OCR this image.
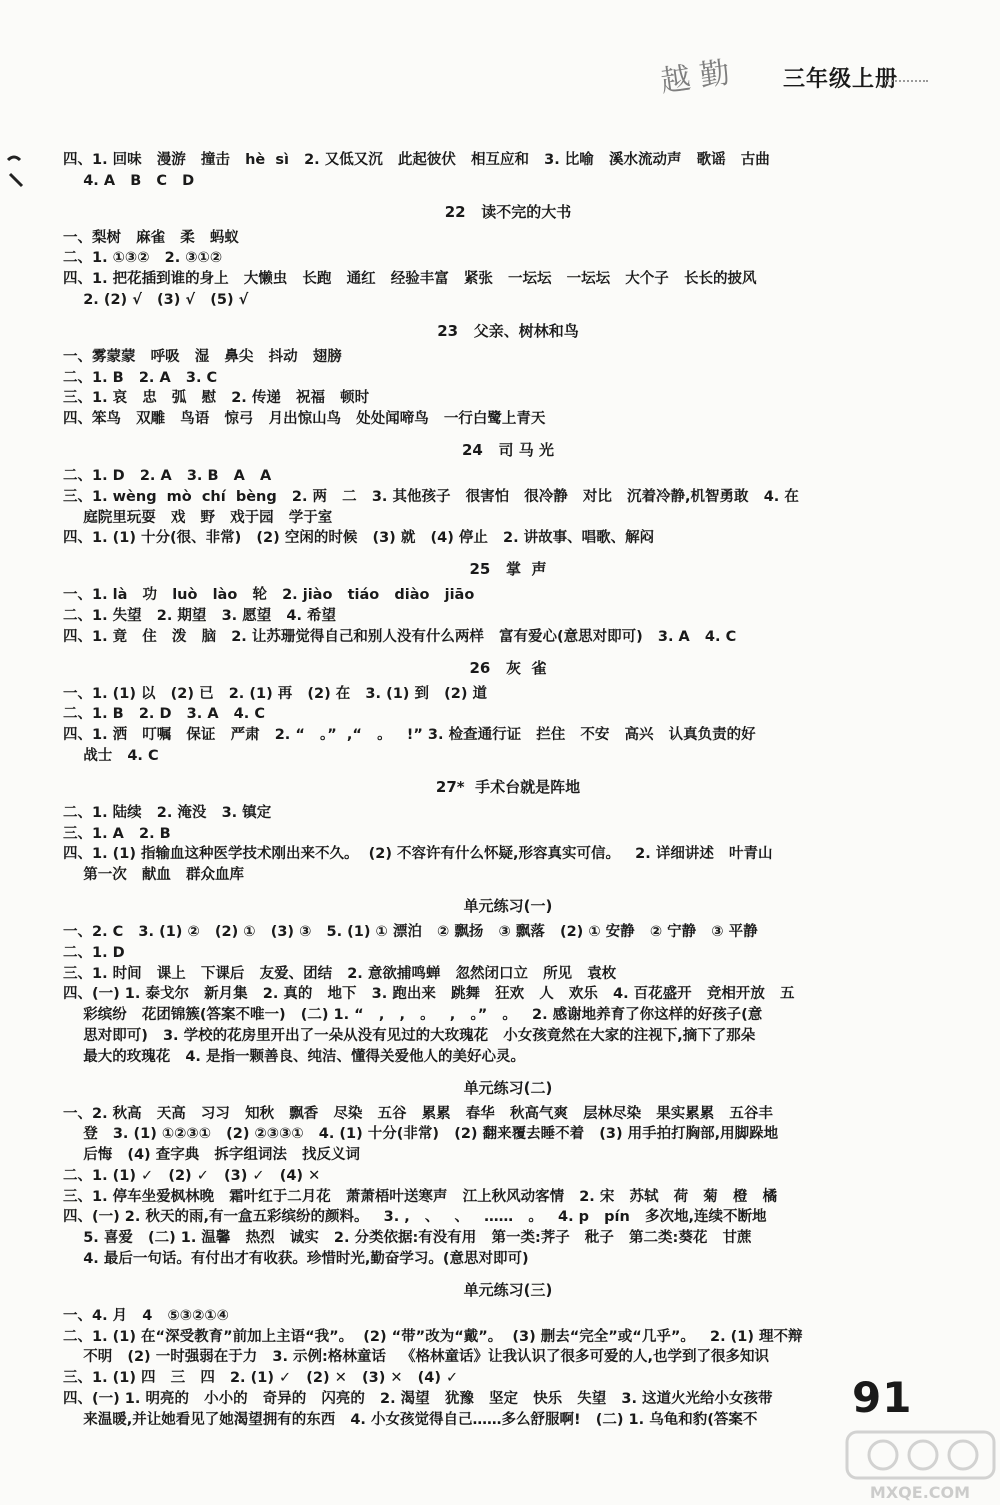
越 勤 三年级上册
四、1. 回味   漫游   撞击   hè  sì   2. 又低又沉   此起彼伏   相互应和   3. 比喻   溪水流动声   歌谣   古曲
4. A   B   C   D
22   读不完的大书
一、梨树   麻雀   柔   蚂蚁
二、1. ①③②   2. ③①②
四、1. 把花插到谁的身上   大懒虫   长跑   通红   经验丰富   紧张   一坛坛   一坛坛   大个子   长长的披风
2. (2) √   (3) √   (5) √
23   父亲、树林和鸟
一、雾蒙蒙   呼吸   湿   鼻尖   抖动   翅膀
二、1. B   2. A   3. C
三、1. 哀   忠   弧   慰   2. 传递   祝福   顿时
四、笨鸟   双雕   鸟语   惊弓   月出惊山鸟   处处闻啼鸟   一行白鹭上青天
24   司 马 光
二、1. D   2. A   3. B   A   A
三、1. wèng  mò  chí  bèng   2. 两   二   3. 其他孩子   很害怕   很冷静   对比   沉着冷静,机智勇敢   4. 在
庭院里玩耍   戏   野   戏于园   学于室
四、1. (1) 十分(很、非常)   (2) 空闲的时候   (3) 就   (4) 停止   2. 讲故事、唱歌、解闷
25   掌  声
一、1. là   功   luò   lào   轮   2. jiào   tiáo   diào   jiāo
二、1. 失望   2. 期望   3. 愿望   4. 希望
四、1. 竟   住   泼   脑   2. 让苏珊觉得自己和别人没有什么两样   富有爱心(意思对即可)   3. A   4. C
26   灰  雀
一、1. (1) 以   (2) 已   2. (1) 再   (2) 在   3. (1) 到   (2) 道
二、1. B   2. D   3. A   4. C
四、1. 洒   叮嘱   保证   严肃   2. “   。”  ,“   。   !” 3. 检查通行证   拦住   不安   高兴   认真负责的好
战士   4. C
27*  手术台就是阵地
二、1. 陆续   2. 淹没   3. 镇定
三、1. A   2. B
四、1. (1) 指输血这种医学技术刚出来不久。  (2) 不容许有什么怀疑,形容真实可信。   2. 详细讲述   叶青山
第一次   献血   群众血库
单元练习(一)
一、2. C   3. (1) ②   (2) ①   (3) ③   5. (1) ① 漂泊   ② 飘扬   ③ 飘落   (2) ① 安静   ② 宁静   ③ 平静
二、1. D
三、1. 时间   课上   下课后   友爱、团结   2. 意欲捕鸣蝉   忽然闭口立   所见   袁枚
四、(一) 1. 泰戈尔   新月集   2. 真的   地下   3. 跑出来   跳舞   狂欢   人   欢乐   4. 百花盛开   竞相开放   五
彩缤纷   花团锦簇(答案不唯一)   (二) 1. “   ,   ,   。   ,   。”   。   2. 感谢地养育了你这样的好孩子(意
思对即可)   3. 学校的花房里开出了一朵从没有见过的大玫瑰花   小女孩竟然在大家的注视下,摘下了那朵
最大的玫瑰花   4. 是指一颗善良、纯洁、懂得关爱他人的美好心灵。
单元练习(二)
一、2. 秋高   天高   习习   知秋   飘香   尽染   五谷   累累   春华   秋高气爽   层林尽染   果实累累   五谷丰
登   3. (1) ①②③①   (2) ②③③①   4. (1) 十分(非常)   (2) 翻来覆去睡不着   (3) 用手拍打胸部,用脚跺地
后悔   (4) 查字典   拆字组词法   找反义词
二、1. (1) ✓   (2) ✓   (3) ✓   (4) ✕
三、1. 停车坐爱枫林晚   霜叶红于二月花   萧萧梧叶送寒声   江上秋风动客情   2. 宋   苏轼   荷   菊   橙   橘
四、(一) 2. 秋天的雨,有一盒五彩缤纷的颜料。   3. ,   、   、   ……   。   4. p   pín   多次地,连续不断地
5. 喜爱   (二) 1. 温馨   热烈   诚实   2. 分类依据:有没有用   第一类:荠子   秕子   第二类:葵花   甘蔗
4. 最后一句话。有付出才有收获。珍惜时光,勤奋学习。(意思对即可)
单元练习(三)
一、4. 月   4   ⑤③②①④
二、1. (1) 在“深受教育”前加上主语“我”。  (2) “带”改为“戴”。  (3) 删去“完全”或“几乎”。   2. (1) 理不辩
不明   (2) 一时强弱在于力   3. 示例:格林童话   《格林童话》让我认识了很多可爱的人,也学到了很多知识
三、1. (1) 四   三   四   2. (1) ✓   (2) ✕   (3) ✕   (4) ✓
四、(一) 1. 明亮的   小小的   奇异的   闪亮的   2. 渴望   犹豫   坚定   快乐   失望   3. 这道火光给小女孩带
来温暖,并让她看见了她渴望拥有的东西   4. 小女孩觉得自己……多么舒服啊!   (二) 1. 乌龟和豹(答案不	91
MXQE.COM
